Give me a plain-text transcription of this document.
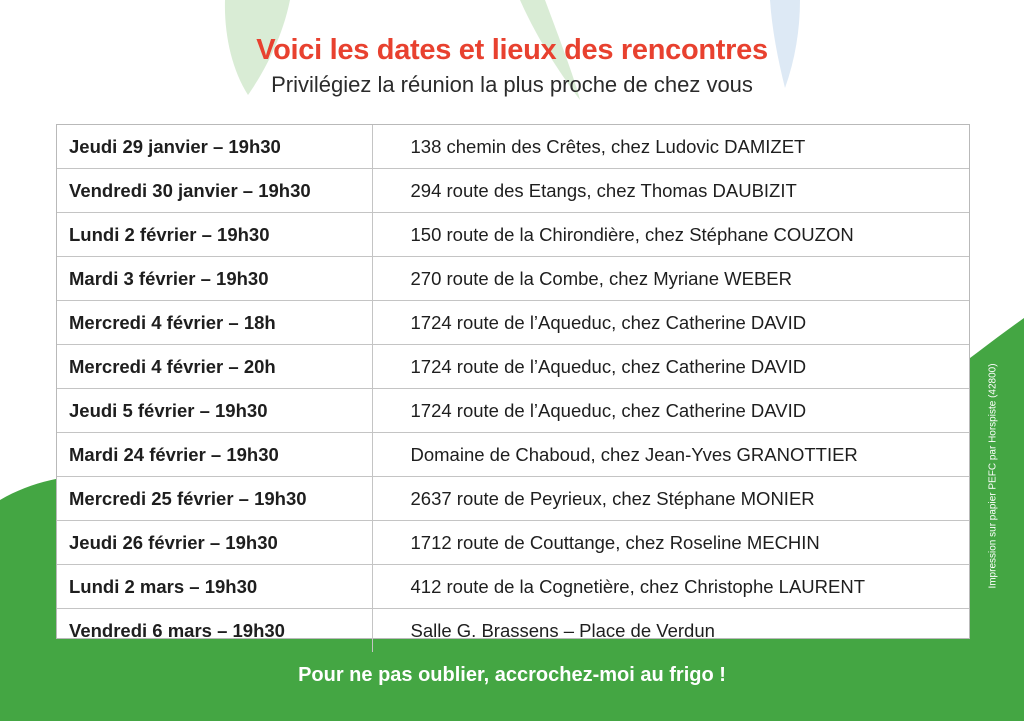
Voici les dates et lieux des rencontres
Privilégiez la réunion la plus proche de chez vous
Jeudi 29 janvier – 19h30	138 chemin des Crêtes, chez Ludovic DAMIZET
Vendredi 30 janvier – 19h30	294 route des Etangs, chez Thomas DAUBIZIT
Lundi 2 février – 19h30	150 route de la Chirondière, chez Stéphane COUZON
Mardi 3 février – 19h30	270 route de la Combe, chez Myriane WEBER
Mercredi 4 février – 18h	1724 route de l’Aqueduc, chez Catherine DAVID
Mercredi 4 février – 20h	1724 route de l’Aqueduc, chez Catherine DAVID
Jeudi 5 février – 19h30	1724 route de l’Aqueduc, chez Catherine DAVID
Mardi 24 février – 19h30	Domaine de Chaboud, chez Jean-Yves GRANOTTIER
Mercredi 25 février – 19h30	2637 route de Peyrieux, chez Stéphane MONIER
Jeudi 26 février – 19h30	1712 route de Couttange, chez Roseline MECHIN
Lundi 2 mars – 19h30	412 route de la Cognetière, chez Christophe LAURENT
Vendredi 6 mars – 19h30	Salle G. Brassens – Place de Verdun
Pour ne pas oublier, accrochez-moi au frigo !
Impression sur papier PEFC par Horspiste (42800)
